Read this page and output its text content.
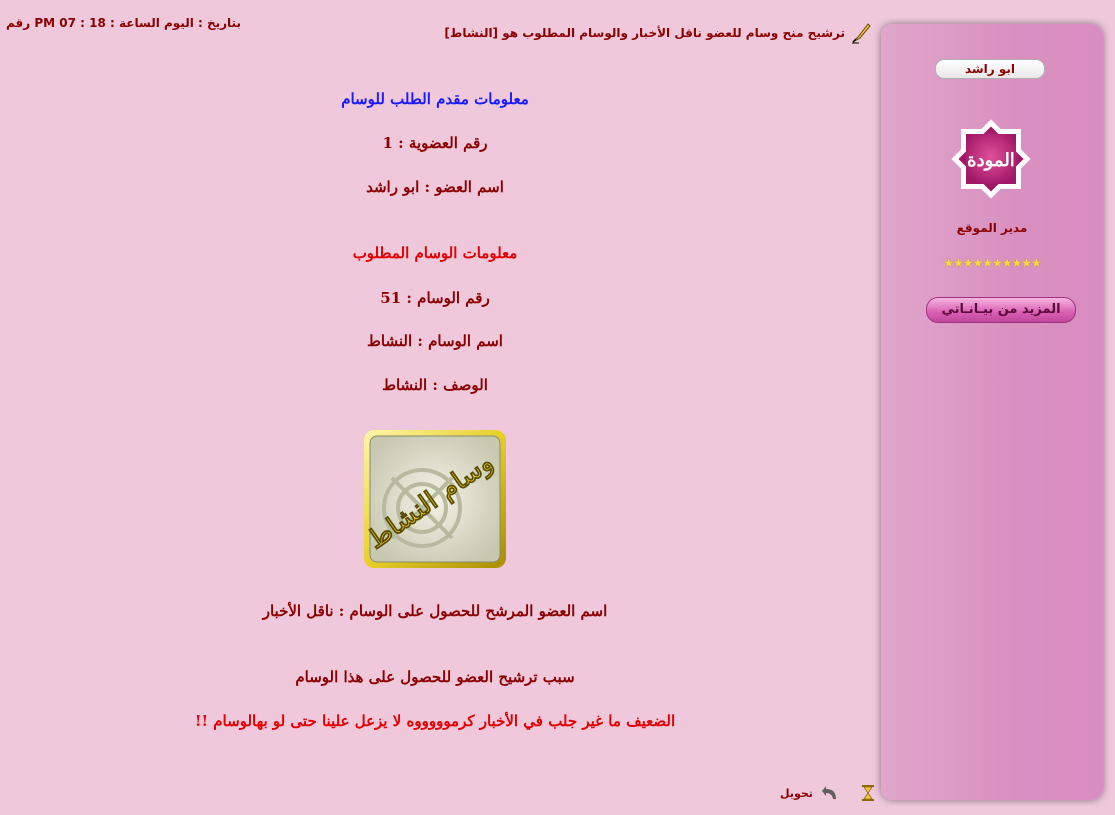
بتاريخ : اليوم الساعة : 18 : 07 PM رقم
ترشيح منح وسام للعضو ناقل الأخبار والوسام المطلوب هو [النشاط]
معلومات مقدم الطلب للوسام
رقم العضوية : 1
اسم العضو : ابو راشد
معلومات الوسام المطلوب
رقم الوسام : 51
اسم الوسام : النشاط
الوصف : النشاط
وسام النشاط
اسم العضو المرشح للحصول على الوسام : ناقل الأخبار
سبب ترشيح العضو للحصول على هذا الوسام
الضعيف ما غير جلب في الأخبار كرموووووه لا يزعل علينا حتى لو بهالوسام !!
تحويل
ابو راشد
المودة
مدير الموقع
★★★★★★★★★★
المزيد من بيـانـاتي
